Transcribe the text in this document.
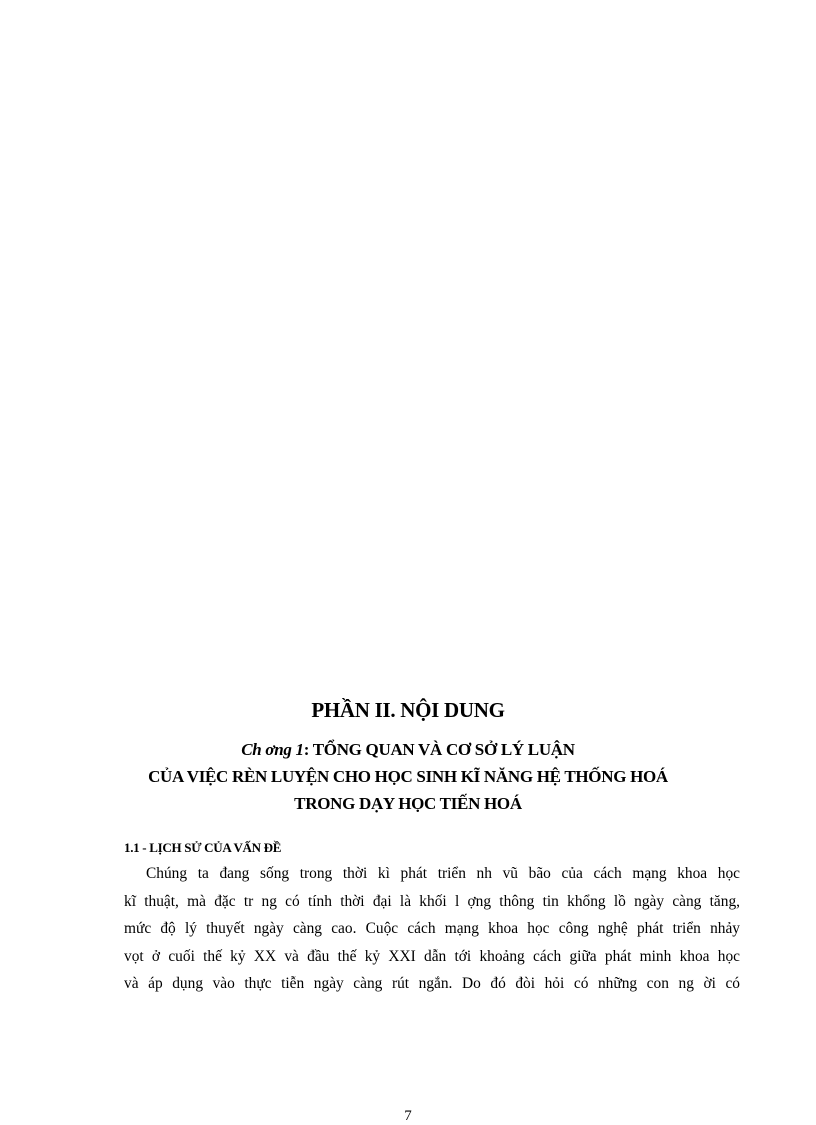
PHẦN II. NỘI DUNG
Ch ơng 1: TỔNG QUAN VÀ CƠ SỞ LÝ LUẬN
CỦA VIỆC RÈN LUYỆN CHO HỌC SINH KĨ NĂNG HỆ THỐNG HOÁ
TRONG DẠY HỌC TIẾN HOÁ
1.1 - LỊCH SỬ CỦA VẤN ĐỀ
Chúng ta đang sống trong thời kì phát triển nh vũ bão của cách mạng khoa học
kĩ thuật, mà đặc tr ng có tính thời đại là khối l ợng thông tin khổng lồ ngày càng tăng,
mức độ lý thuyết ngày càng cao. Cuộc cách mạng khoa học công nghệ phát triển nhảy
vọt ở cuối thế kỷ XX và đầu thế kỷ XXI dẫn tới khoảng cách giữa phát minh khoa học
và áp dụng vào thực tiễn ngày càng rút ngắn. Do đó đòi hỏi có những con ng ời có

7
